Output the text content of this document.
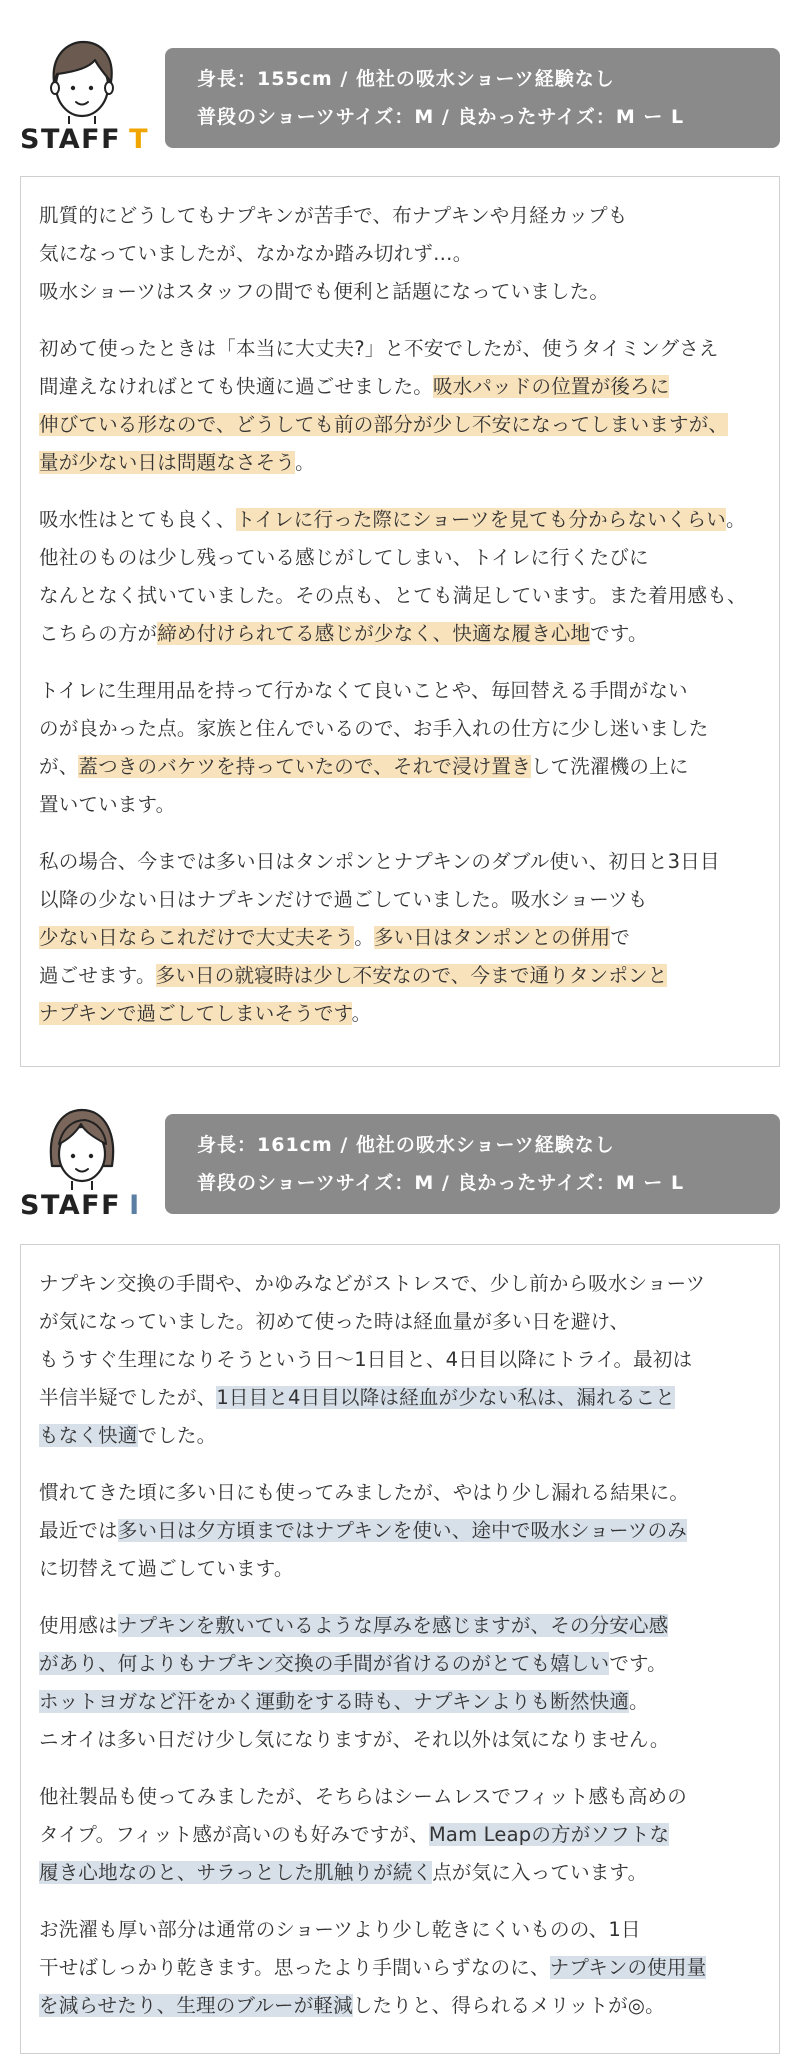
STAFF T
身長：155cm / 他社の吸水ショーツ経験なし
普段のショーツサイズ：M / 良かったサイズ：M ー L
肌質的にどうしてもナプキンが苦手で、布ナプキンや月経カップも
気になっていましたが、なかなか踏み切れず…。
吸水ショーツはスタッフの間でも便利と話題になっていました。
初めて使ったときは「本当に大丈夫?」と不安でしたが、使うタイミングさえ
間違えなければとても快適に過ごせました。吸水パッドの位置が後ろに
伸びている形なので、どうしても前の部分が少し不安になってしまいますが、
量が少ない日は問題なさそう。
吸水性はとても良く、トイレに行った際にショーツを見ても分からないくらい。
他社のものは少し残っている感じがしてしまい、トイレに行くたびに
なんとなく拭いていました。その点も、とても満足しています。また着用感も、
こちらの方が締め付けられてる感じが少なく、快適な履き心地です。
トイレに生理用品を持って行かなくて良いことや、毎回替える手間がない
のが良かった点。家族と住んでいるので、お手入れの仕方に少し迷いました
が、蓋つきのバケツを持っていたので、それで浸け置きして洗濯機の上に
置いています。
私の場合、今までは多い日はタンポンとナプキンのダブル使い、初日と3日目
以降の少ない日はナプキンだけで過ごしていました。吸水ショーツも
少ない日ならこれだけで大丈夫そう。多い日はタンポンとの併用で
過ごせます。多い日の就寝時は少し不安なので、今まで通りタンポンと
ナプキンで過ごしてしまいそうです。
STAFF I
身長：161cm / 他社の吸水ショーツ経験なし
普段のショーツサイズ：M / 良かったサイズ：M ー L
ナプキン交換の手間や、かゆみなどがストレスで、少し前から吸水ショーツ
が気になっていました。初めて使った時は経血量が多い日を避け、
もうすぐ生理になりそうという日〜1日目と、4日目以降にトライ。最初は
半信半疑でしたが、1日目と4日目以降は経血が少ない私は、漏れること
もなく快適でした。
慣れてきた頃に多い日にも使ってみましたが、やはり少し漏れる結果に。
最近では多い日は夕方頃まではナプキンを使い、途中で吸水ショーツのみ
に切替えて過ごしています。
使用感はナプキンを敷いているような厚みを感じますが、その分安心感
があり、何よりもナプキン交換の手間が省けるのがとても嬉しいです。
ホットヨガなど汗をかく運動をする時も、ナプキンよりも断然快適。
ニオイは多い日だけ少し気になりますが、それ以外は気になりません。
他社製品も使ってみましたが、そちらはシームレスでフィット感も高めの
タイプ。フィット感が高いのも好みですが、Mam Leapの方がソフトな
履き心地なのと、サラっとした肌触りが続く点が気に入っています。
お洗濯も厚い部分は通常のショーツより少し乾きにくいものの、1日
干せばしっかり乾きます。思ったより手間いらずなのに、ナプキンの使用量
を減らせたり、生理のブルーが軽減したりと、得られるメリットが◎。
